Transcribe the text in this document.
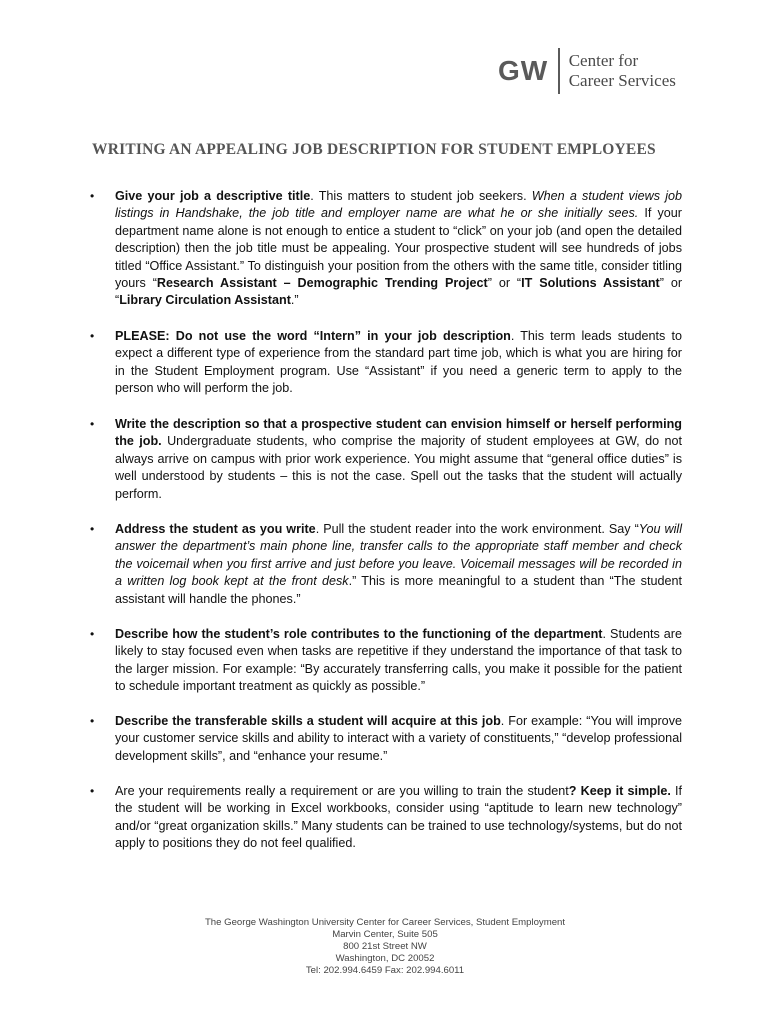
GW	Center for
Career Services
WRITING AN APPEALING JOB DESCRIPTION FOR STUDENT EMPLOYEES
•	Give your job a descriptive title. This matters to student job seekers. When a student views job listings in Handshake, the job title and employer name are what he or she initially sees. If your department name alone is not enough to entice a student to “click” on your job (and open the detailed description) then the job title must be appealing. Your prospective student will see hundreds of jobs titled “Office Assistant.” To distinguish your position from the others with the same title, consider titling yours “Research Assistant – Demographic Trending Project” or “IT Solutions Assistant” or “Library Circulation Assistant.”
•	PLEASE: Do not use the word “Intern” in your job description. This term leads students to expect a different type of experience from the standard part time job, which is what you are hiring for in the Student Employment program. Use “Assistant” if you need a generic term to apply to the person who will perform the job.
•	Write the description so that a prospective student can envision himself or herself performing the job. Undergraduate students, who comprise the majority of student employees at GW, do not always arrive on campus with prior work experience. You might assume that “general office duties” is well understood by students – this is not the case. Spell out the tasks that the student will actually perform.
•	Address the student as you write. Pull the student reader into the work environment. Say “You will answer the department’s main phone line, transfer calls to the appropriate staff member and check the voicemail when you first arrive and just before you leave. Voicemail messages will be recorded in a written log book kept at the front desk.” This is more meaningful to a student than “The student assistant will handle the phones.”
•	Describe how the student’s role contributes to the functioning of the department. Students are likely to stay focused even when tasks are repetitive if they understand the importance of that task to the larger mission. For example: “By accurately transferring calls, you make it possible for the patient to schedule important treatment as quickly as possible.”
•	Describe the transferable skills a student will acquire at this job. For example: “You will improve your customer service skills and ability to interact with a variety of constituents,” “develop professional development skills”, and “enhance your resume.”
•	Are your requirements really a requirement or are you willing to train the student? Keep it simple. If the student will be working in Excel workbooks, consider using “aptitude to learn new technology” and/or “great organization skills.” Many students can be trained to use technology/systems, but do not apply to positions they do not feel qualified.
The George Washington University Center for Career Services, Student Employment
Marvin Center, Suite 505
800 21st Street NW
Washington, DC 20052
Tel: 202.994.6459 Fax: 202.994.6011
